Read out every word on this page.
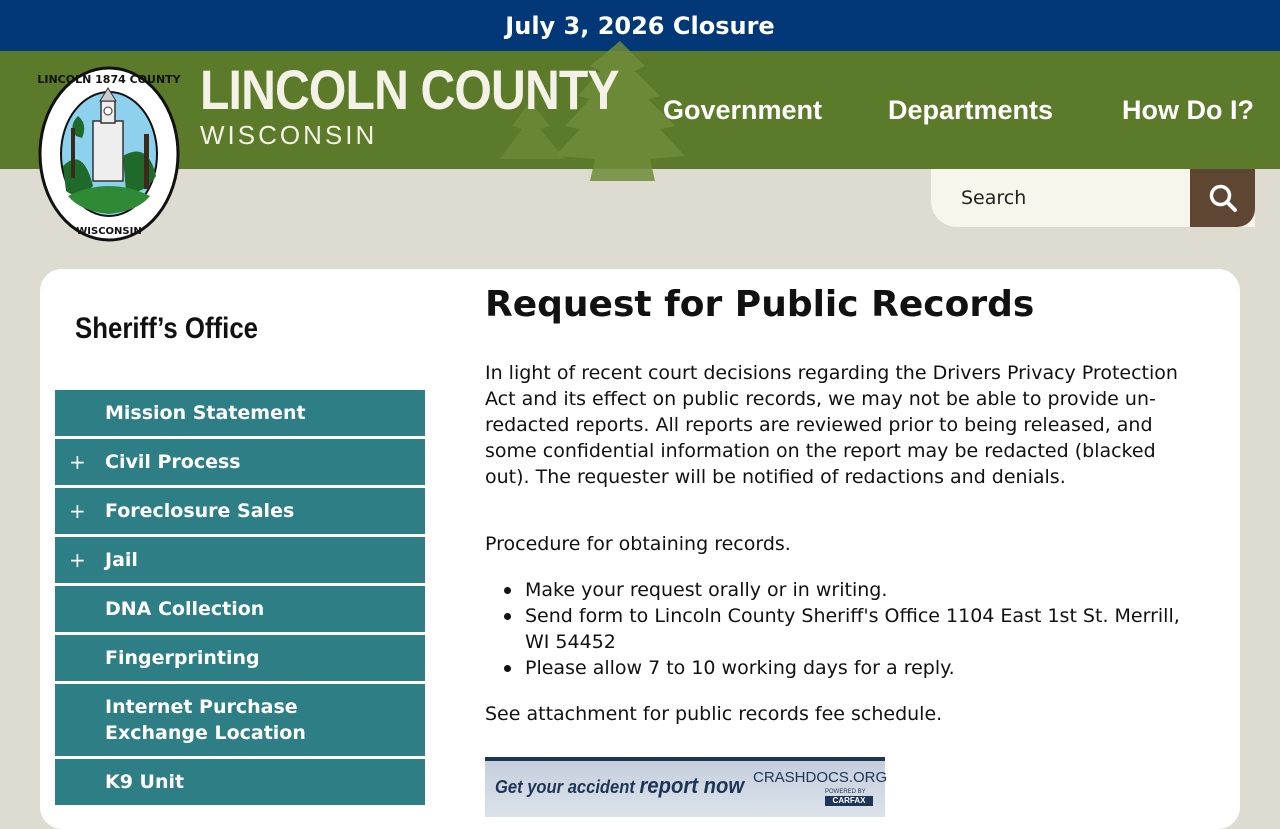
July 3, 2026 Closure
LINCOLN 1874 COUNTY
WISCONSIN
LINCOLN COUNTY
WISCONSIN
Government Departments	How Do I?
Search
Sheriff’s Office
Mission Statement
+	Civil Process
+	Foreclosure Sales
+	Jail
DNA Collection
Fingerprinting
Internet Purchase Exchange Location
K9 Unit
Request for Public Records

In light of recent court decisions regarding the Drivers Privacy Protection Act and its effect on public records, we may not be able to provide un-redacted reports. All reports are reviewed prior to being released, and some confidential information on the report may be redacted (blacked out). The requester will be notified of redactions and denials.

Procedure for obtaining records.

Make your request orally or in writing.
Send form to Lincoln County Sheriff's Office 1104 East 1st St. Merrill, WI 54452
Please allow 7 to 10 working days for a reply.

See attachment for public records fee schedule.

Get your accident report now CRASHDOCS.ORG
POWERED BY
CARFAX
